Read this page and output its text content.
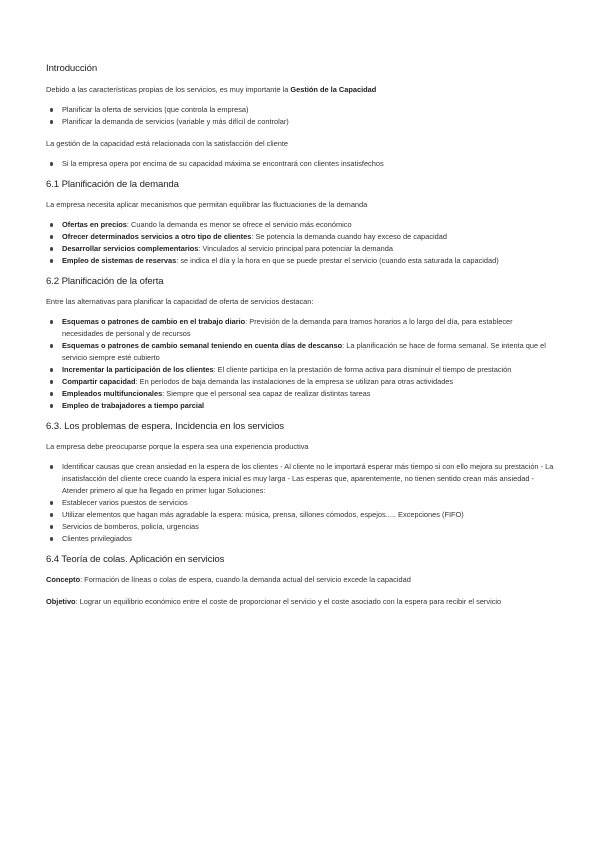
Introducción

Debido a las características propias de los servicios, es muy importante la Gestión de la Capacidad

Planificar la oferta de servicios (que controla la empresa)
Planificar la demanda de servicios (variable y más difícil de controlar)

La gestión de la capacidad está relacionada con la satisfacción del cliente

Si la empresa opera por encima de su capacidad máxima se encontrará con clientes insatisfechos
6.1 Planificación de la demanda

La empresa necesita aplicar mecanismos que permitan equilibrar las fluctuaciones de la demanda

Ofertas en precios: Cuando la demanda es menor se ofrece el servicio más económico
Ofrecer determinados servicios a otro tipo de clientes: Se potencia la demanda cuando hay exceso de capacidad
Desarrollar servicios complementarios: Vinculados al servicio principal para potenciar la demanda
Empleo de sistemas de reservas: se indica el día y la hora en que se puede prestar el servicio (cuando esta saturada la capacidad)
6.2 Planificación de la oferta

Entre las alternativas para planificar la capacidad de oferta de servicios destacan:

Esquemas o patrones de cambio en el trabajo diario: Previsión de la demanda para tramos horarios a lo largo del día, para establecer necesidades de personal y de recursos
Esquemas o patrones de cambio semanal teniendo en cuenta días de descanso: La planificación se hace de forma semanal. Se intenta que el servicio siempre esté cubierto
Incrementar la participación de los clientes: El cliente participa en la prestación de forma activa para disminuir el tiempo de prestación
Compartir capacidad: En períodos de baja demanda las instalaciones de la empresa se utilizan para otras actividades
Empleados multifuncionales: Siempre que el personal sea capaz de realizar distintas tareas
Empleo de trabajadores a tiempo parcial
6.3. Los problemas de espera. Incidencia en los servicios

La empresa debe preocuparse porque la espera sea una experiencia productiva

Identificar causas que crean ansiedad en la espera de los clientes - Al cliente no le importará esperar más tiempo si con ello mejora su prestación - La insatisfacción del cliente crece cuando la espera inicial es muy larga - Las esperas que, aparentemente, no tienen sentido crean más ansiedad - Atender primero al que ha llegado en primer lugar Soluciones:
Establecer varios puestos de servicios
Utilizar elementos que hagan más agradable la espera: música, prensa, sillones cómodos, espejos..... Excepciones (FIFO)
Servicios de bomberos, policía, urgencias
Clientes privilegiados
6.4 Teoría de colas. Aplicación en servicios

Concepto: Formación de líneas o colas de espera, cuando la demanda actual del servicio excede la capacidad

Objetivo: Lograr un equilibrio económico entre el coste de proporcionar el servicio y el coste asociado con la espera para recibir el servicio
